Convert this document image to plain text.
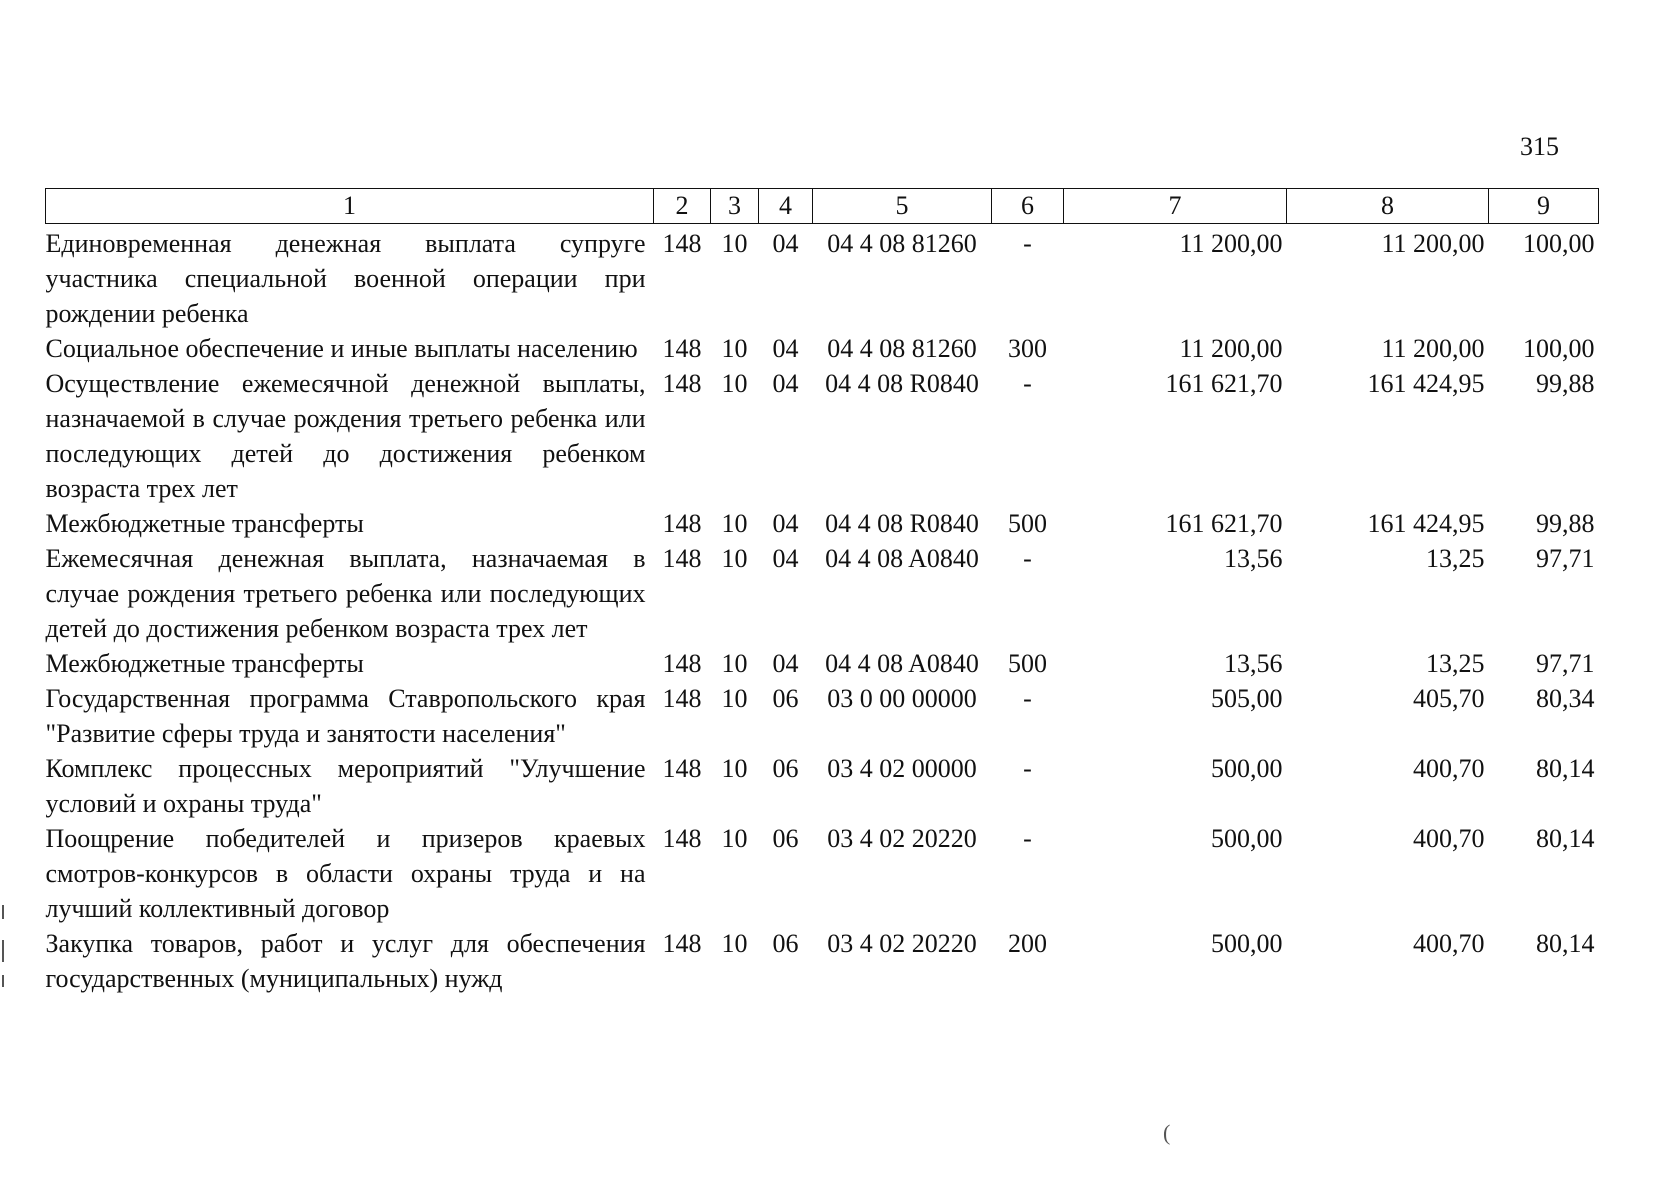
315
1	2	3	4	5	6	7	8	9
Единовременная денежная выплата супруге участника специальной военной операции при рождении ребенка	148	10	04	04 4 08 81260	-	11 200,00	11 200,00	100,00
Социальное обеспечение и иные выплаты населению	148	10	04	04 4 08 81260	300	11 200,00	11 200,00	100,00
Осуществление ежемесячной денежной выплаты, назначаемой в случае рождения третьего ребенка или последующих детей до достижения ребенком возраста трех лет	148	10	04	04 4 08 R0840	-	161 621,70	161 424,95	99,88
Межбюджетные трансферты	148	10	04	04 4 08 R0840	500	161 621,70	161 424,95	99,88
Ежемесячная денежная выплата, назначаемая в случае рождения третьего ребенка или последующих детей до достижения ребенком возраста трех лет	148	10	04	04 4 08 A0840	-	13,56	13,25	97,71
Межбюджетные трансферты	148	10	04	04 4 08 A0840	500	13,56	13,25	97,71
Государственная программа Ставропольского края "Развитие сферы труда и занятости населения"	148	10	06	03 0 00 00000	-	505,00	405,70	80,34
Комплекс процессных мероприятий "Улучшение условий и охраны труда"	148	10	06	03 4 02 00000	-	500,00	400,70	80,14
Поощрение победителей и призеров краевых смотров-конкурсов в области охраны труда и на лучший коллективный договор	148	10	06	03 4 02 20220	-	500,00	400,70	80,14
Закупка товаров, работ и услуг для обеспечения государственных (муниципальных) нужд	148	10	06	03 4 02 20220	200	500,00	400,70	80,14
(
